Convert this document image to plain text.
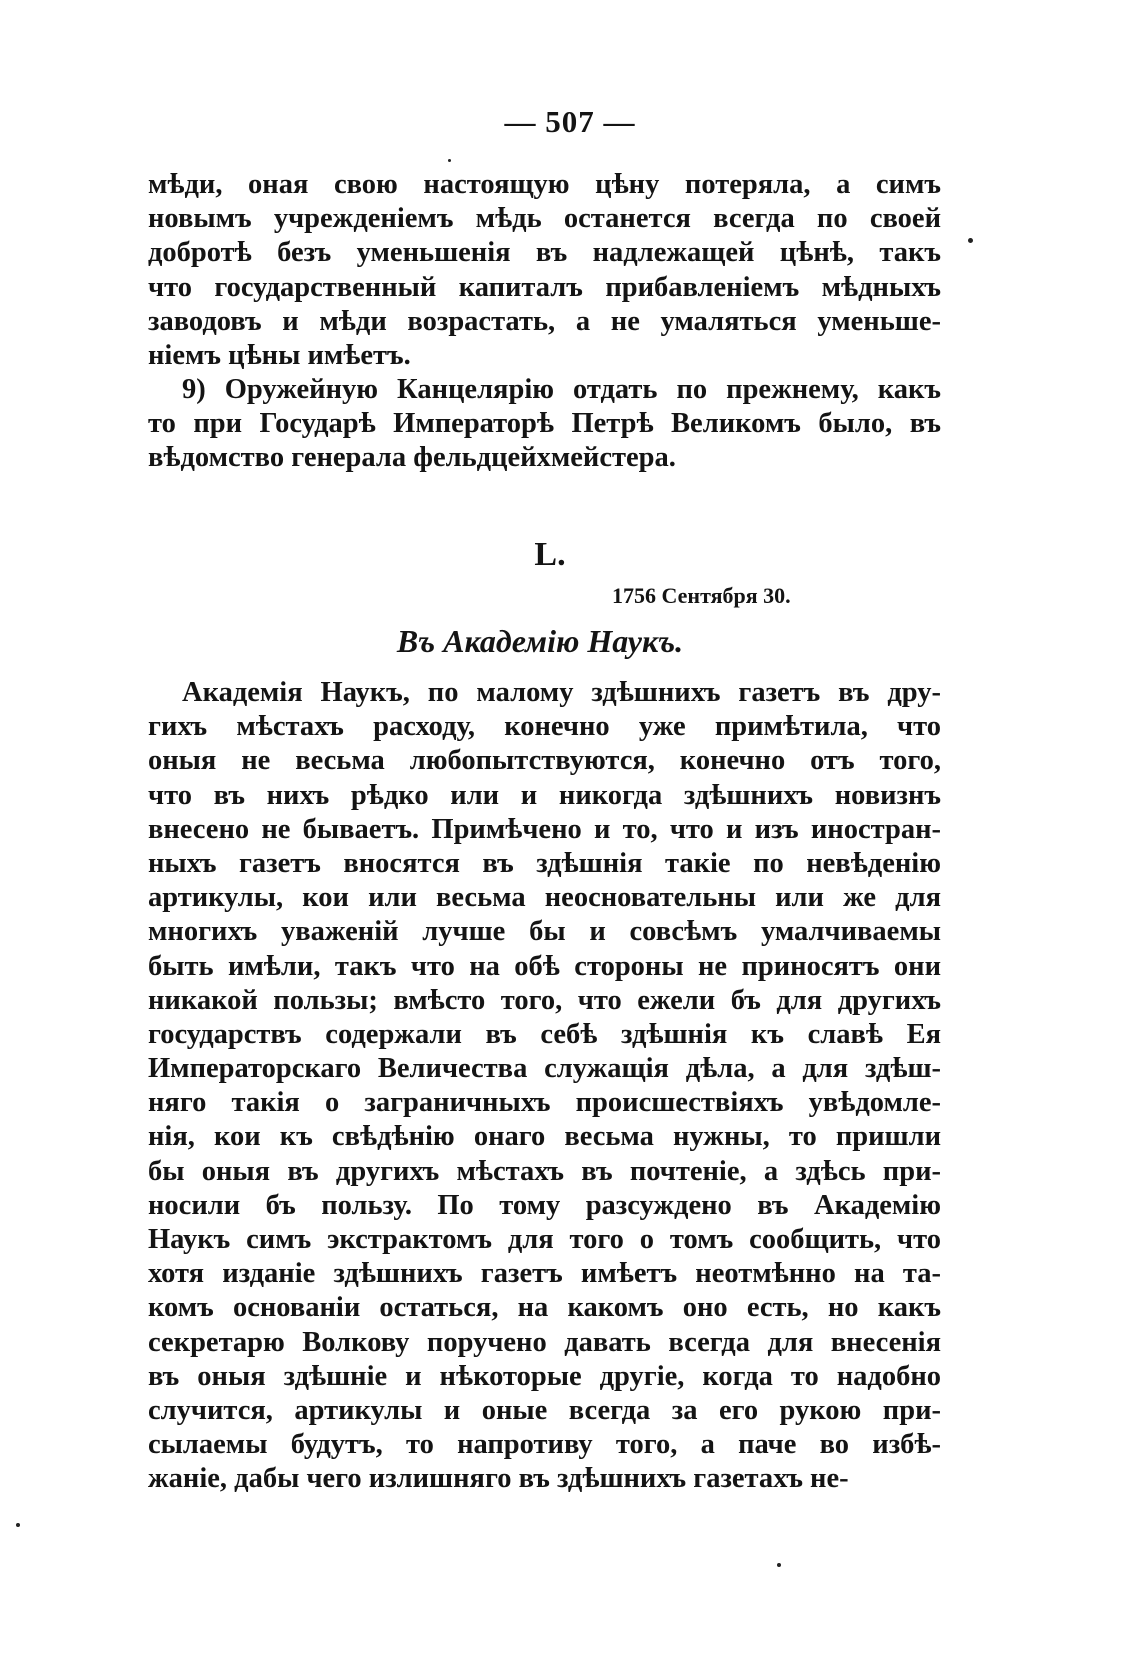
— 507 —
мѣди, оная свою настоящую цѣну потеряла, а симъ
новымъ учрежденіемъ мѣдь останется всегда по своей
добротѣ безъ уменьшенія въ надлежащей цѣнѣ, такъ
что государственный капиталъ прибавленіемъ мѣдныхъ
заводовъ и мѣди возрастать, а не умаляться уменьше-
ніемъ цѣны имѣетъ.
9) Оружейную Канцелярію отдать по прежнему, какъ
то при Государѣ Императорѣ Петрѣ Великомъ было, въ
вѣдомство генерала фельдцейхмейстера.
L.
1756 Сентября 30.
Въ Академію Наукъ.
Академія Наукъ, по малому здѣшнихъ газетъ въ дру-
гихъ мѣстахъ расходу, конечно уже примѣтила, что
оныя не весьма любопытствуются, конечно отъ того,
что въ нихъ рѣдко или и никогда здѣшнихъ новизнъ
внесено не бываетъ. Примѣчено и то, что и изъ иностран-
ныхъ газетъ вносятся въ здѣшнія такіе по невѣденію
артикулы, кои или весьма неосновательны или же для
многихъ уваженій лучше бы и совсѣмъ умалчиваемы
быть имѣли, такъ что на обѣ стороны не приносятъ они
никакой пользы; вмѣсто того, что ежели бъ для другихъ
государствъ содержали въ себѣ здѣшнія къ славѣ Ея
Императорскаго Величества служащія дѣла, а для здѣш-
няго такія о заграничныхъ происшествіяхъ увѣдомле-
нія, кои къ свѣдѣнію онаго весьма нужны, то пришли
бы оныя въ другихъ мѣстахъ въ почтеніе, а здѣсь при-
носили бъ пользу. По тому разсуждено въ Академію
Наукъ симъ экстрактомъ для того о томъ сообщить, что
хотя изданіе здѣшнихъ газетъ имѣетъ неотмѣнно на та-
комъ основаніи остаться, на какомъ оно есть, но какъ
секретарю Волкову поручено давать всегда для внесенія
въ оныя здѣшніе и нѣкоторые другіе, когда то надобно
случится, артикулы и оные всегда за его рукою при-
сылаемы будутъ, то напротиву того, а паче во избѣ-
жаніе, дабы чего излишняго въ здѣшнихъ газетахъ не-
